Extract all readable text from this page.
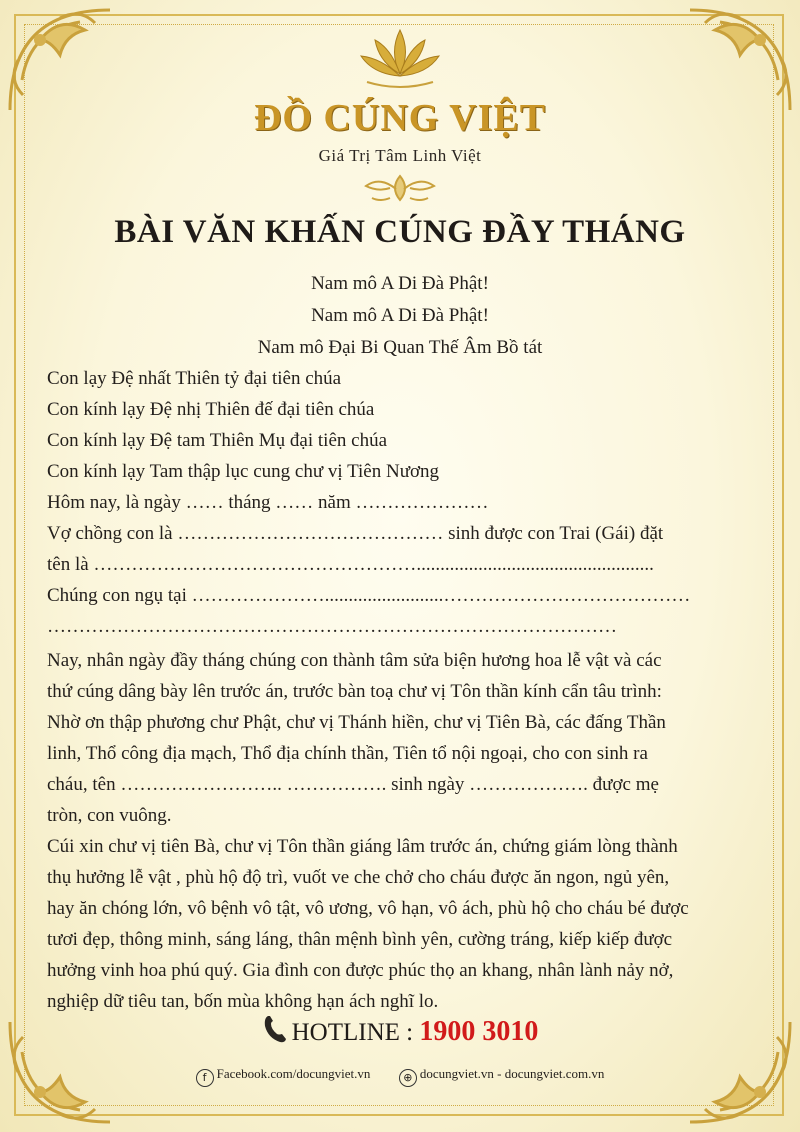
ĐỒ CÚNG VIỆT
Giá Trị Tâm Linh Việt
BÀI VĂN KHẤN CÚNG ĐẦY THÁNG
Nam mô A Di Đà Phật!
Nam mô A Di Đà Phật!
Nam mô Đại Bi Quan Thế Âm Bồ tát
Con lạy Đệ nhất Thiên tỷ đại tiên chúa
Con kính lạy Đệ nhị Thiên đế đại tiên chúa
Con kính lạy Đệ tam Thiên Mụ đại tiên chúa
Con kính lạy Tam thập lục cung chư vị Tiên Nương
Hôm nay, là ngày …… tháng …… năm …………………
Vợ chồng con là …………………………………… sinh được con Trai (Gái) đặt
tên là ……………………………………………..................................................
Chúng con ngụ tại ………………….........................…………………………………
………………………………………………………………………………
Nay, nhân ngày đầy tháng chúng con thành tâm sửa biện hương hoa lễ vật và các
thứ cúng dâng bày lên trước án, trước bàn toạ chư vị Tôn thần kính cẩn tâu trình:
Nhờ ơn thập phương chư Phật, chư vị Thánh hiền, chư vị Tiên Bà, các đấng Thần
linh, Thổ công địa mạch, Thổ địa chính thần, Tiên tổ nội ngoại, cho con sinh ra
cháu, tên …………………….. ……………. sinh ngày ………………. được mẹ
tròn, con vuông.
Cúi xin chư vị tiên Bà, chư vị Tôn thần giáng lâm trước án, chứng giám lòng thành
thụ hưởng lễ vật , phù hộ độ trì, vuốt ve che chở cho cháu được ăn ngon, ngủ yên,
hay ăn chóng lớn, vô bệnh vô tật, vô ương, vô hạn, vô ách, phù hộ cho cháu bé được
tươi đẹp, thông minh, sáng láng, thân mệnh bình yên, cường tráng, kiếp kiếp được
hưởng vinh hoa phú quý. Gia đình con được phúc thọ an khang, nhân lành nảy nở,
nghiệp dữ tiêu tan, bốn mùa không hạn ách nghĩ lo.
HOTLINE : 1900 3010
f Facebook.com/docungviet.vn	⊕ docungviet.vn - docungviet.com.vn
